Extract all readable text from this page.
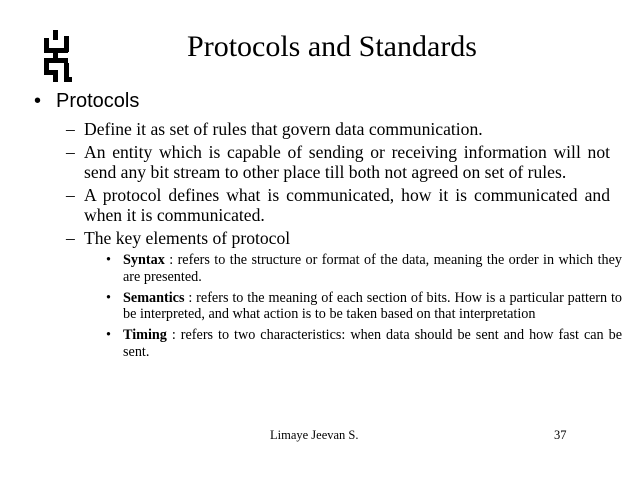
Protocols and Standards
• Protocols
– Define it as set of rules that govern data communication.
– An entity which is capable of sending or receiving information will not send any bit stream to other place till both not agreed on set of rules.
– A protocol defines what is communicated, how it is communicated and when it is communicated.
– The key elements of protocol
• Syntax : refers to the structure or format of the data, meaning the order in which they are presented.
• Semantics : refers to the meaning of each section of bits. How is a particular pattern to be interpreted, and what action is to be taken based on that interpretation
• Timing : refers to two characteristics: when data should be sent and how fast can be sent.
Limaye Jeevan S.	37
